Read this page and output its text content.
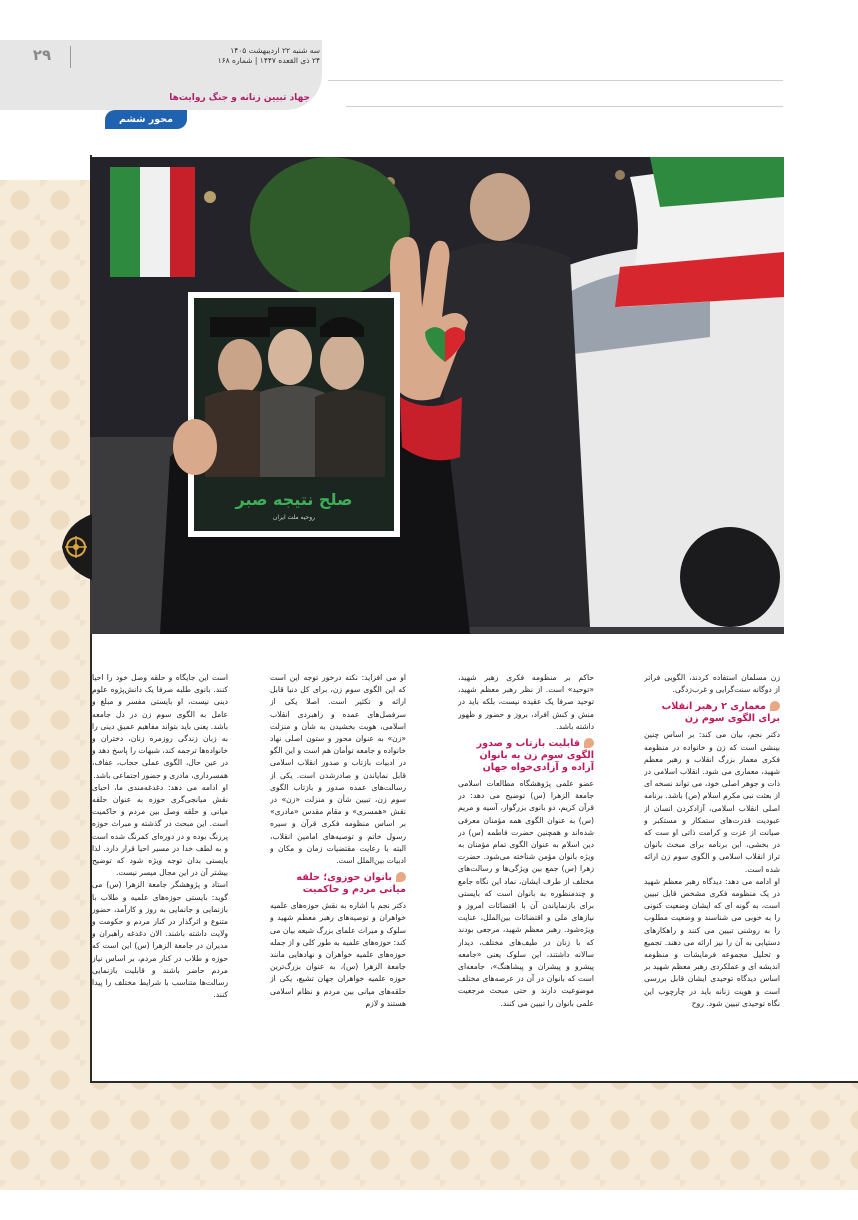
۲۹	سه شنبه ۲۲ اردیبهشت ۱۴۰۵
۲۴ ذی القعده ۱۴۴۷ | شماره ۱۶۸
جهاد تبیین زنانه و جنگ روایت‌ها
محور ششم
صلح نتیجه صبر
روحیه ملت ایران

زن مسلمان استفاده کردند، الگویی فراتر از دوگانه سنت‌گرایی و غرب‌زدگی.

معماری ۲ رهبر انقلاب برای الگوی سوم زن

دکتر نجم، بیان می کند: بر اساس چنین بینشی است که زن و خانواده در منظومه فکری معمار بزرگ انقلاب و رهبر معظم شهید، معماری می شود. انقلاب اسلامی در ذات و جوهر اصلی خود، می تواند نسخه ای از بعثت نبی مکرم اسلام (ص) باشد. برنامه اصلی انقلاب اسلامی، آزادکردن انسان از عبودیت قدرت‌های ستمکار و مستکبر و صیانت از عزت و کرامت ذاتی او ست که در بخشی، این برنامه برای مبحث بانوان تراز انقلاب اسلامی و الگوی سوم زن ارائه شده است.

او ادامه می دهد: دیدگاه رهبر معظم شهید در یک منظومه فکری مشخص قابل تبیین است، به گونه ای که ایشان وضعیت کنونی را به خوبی می شناسند و وضعیت مطلوب را به روشنی تبیین می کنند و راهکارهای دستیابی به آن را نیز ارائه می دهند. تجمیع و تحلیل مجموعه فرمایشات و منظومه اندیشه ای و عملکردی رهبر معظم شهید بر اساس دیدگاه توحیدی ایشان قابل بررسی است و هویت زنانه باید در چارچوب این نگاه توحیدی تبیین شود. روح

حاکم بر منظومه فکری رهبر شهید، «توحید» است. از نظر رهبر معظم شهید، توحید صرفا یک عقیده نیست، بلکه باید در منش و کنش افراد، بروز و حضور و ظهور داشته باشد.

قابلیت بازتاب و صدور الگوی سوم زن به بانوان آزاده و آزادی‌خواه جهان

عضو علمی پژوهشگاه مطالعات اسلامی جامعة الزهرا (س) توضیح می دهد: در قرآن کریم، دو بانوی بزرگوار، آسیه و مریم (س) به عنوان الگوی همه مؤمنان معرفی شده‌اند و همچنین حضرت فاطمه (س) در دین اسلام به عنوان الگوی تمام مؤمنان به ویژه بانوان مؤمن شناخته می‌شود. حضرت زهرا (س) جمع بین ویژگی‌ها و رسالت‌های مختلف از طرف ایشان، نماد این نگاه جامع و چندمنظوره به بانوان است که بایستی برای بازنمایاندن آن با اقتضائات امروز و نیازهای ملی و اقتضائات بین‌الملل، عنایت ویژه‌شود. رهبر معظم شهید، مرجعی بودند که با زنان در طیف‌های مختلف، دیدار سالانه داشتند، این سلوک یعنی «جامعه پیشرو و پیشران و پیشاهنگ»، جامعه‌ای است که بانوان در آن در عرصه‌های مختلف موضوعیت دارند و حتی مبحث مرجعیت علمی بانوان را تبیین می کنند.

او می افزاید: نکته درخور توجه این است که این الگوی سوم زن، برای کل دنیا قابل ارائه و تکثیر است. اصلا یکی از سرفصل‌های عمده و راهبردی انقلاب اسلامی، هویت بخشیدن به شأن و منزلت «زن» به عنوان محور و ستون اصلی نهاد خانواده و جامعه توأمان هم است و این الگو در ادبیات بازتاب و صدور انقلاب اسلامی قابل نمایاندن و صادرشدن است. یکی از رسالت‌های عمده صدور و بازتاب الگوی سوم زن، تبیین شأن و منزلت «زن» در نقش «همسری» و مقام مقدس «مادری» بر اساس منظومه فکری قرآن و سیره رسول خاتم و توصیه‌های امامین انقلاب، البته با رعایت مقتضیات زمان و مکان و ادبیات بین‌الملل است.

بانوان حوزوی؛ حلقه میانی مردم و حاکمیت

دکتر نجم با اشاره به نقش حوزه‌های علمیه خواهران و توصیه‌های رهبر معظم شهید و سلوک و میراث علمای بزرگ شیعه بیان می کند: حوزه‌های علمیه به طور کلی و از جمله حوزه‌های علمیه خواهران و نهادهایی مانند جامعة الزهرا (س)، به عنوان بزرگ‌ترین حوزه علمیه خواهران جهان تشیع، یکی از حلقه‌های میانی بین مردم و نظام اسلامی هستند و لازم

است این جایگاه و حلقه وصل خود را احیا کنند. بانوی طلبه صرفا یک دانش‌پژوه علوم دینی نیست، او بایستی مفسر و مبلغ و عامل به الگوی سوم زن در دل جامعه باشد. یعنی باید بتواند مفاهیم عمیق دینی را به زبان زندگی روزمره زنان، دختران و خانواده‌ها ترجمه کند، شبهات را پاسخ دهد و در عین حال، الگوی عملی حجاب، عفاف، همسرداری، مادری و حضور اجتماعی باشد.

او ادامه می دهد: دغدغه‌مندی ما، احیای نقش میانجی‌گری حوزه به عنوان حلقه میانی و حلقه وصل بین مردم و حاکمیت است. این مبحث در گذشته و میراث حوزه پررنگ بوده و در دوره‌ای کمرنگ شده است و به لطف خدا در مسیر احیا قرار دارد. لذا بایستی بدان توجه ویژه شود که توضیح بیشتر آن در این مجال میسر نیست.

استاد و پژوهشگر جامعة الزهرا (س) می گوید: بایستی حوزه‌های علمیه و طلاب با بازنمایی و جانمایی به روز و کارآمد، حضور متنوع و اثرگذار در کنار مردم و حکومت و ولایت داشته باشند. الان دغدغه راهبران و مدیران در جامعة الزهرا (س) این است که حوزه و طلاب در کنار مردم، بر اساس نیاز مردم حاضر باشند و قابلیت بازنمایی رسالت‌ها متناسب با شرایط مختلف را پیدا کنند.
